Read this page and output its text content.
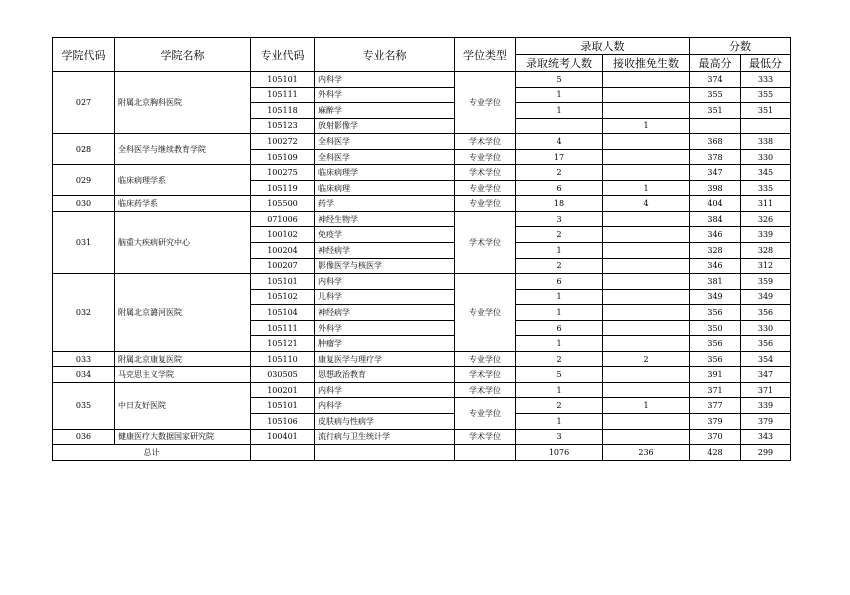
学院代码	学院名称	专业代码	专业名称	学位类型	录取人数		分数	
					录取统考人数	接收推免生数	最高分	最低分
027	附属北京胸科医院	105101	内科学	专业学位	5		374	333
		105111	外科学		1		355	355
		105118	麻醉学		1		351	351
		105123	放射影像学			1		
028	全科医学与继续教育学院	100272	全科医学	学术学位	4		368	338
		105109	全科医学	专业学位	17		378	330
029	临床病理学系	100275	临床病理学	学术学位	2		347	345
		105119	临床病理	专业学位	6	1	398	335
030	临床药学系	105500	药学	专业学位	18	4	404	311
031	脑重大疾病研究中心	071006	神经生物学	学术学位	3		384	326
		100102	免疫学		2		346	339
		100204	神经病学		1		328	328
		100207	影像医学与核医学		2		346	312
032	附属北京潞河医院	105101	内科学	专业学位	6		381	359
		105102	儿科学		1		349	349
		105104	神经病学		1		356	356
		105111	外科学		6		350	330
		105121	肿瘤学		1		356	356
033	附属北京康复医院	105110	康复医学与理疗学	专业学位	2	2	356	354
034	马克思主义学院	030505	思想政治教育	学术学位	5		391	347
035	中日友好医院	100201	内科学	学术学位	1		371	371
		105101	内科学	专业学位	2	1	377	339
		105106	皮肤病与性病学		1		379	379
036	健康医疗大数据国家研究院	100401	流行病与卫生统计学	学术学位	3		370	343
总计					1076	236	428	299
